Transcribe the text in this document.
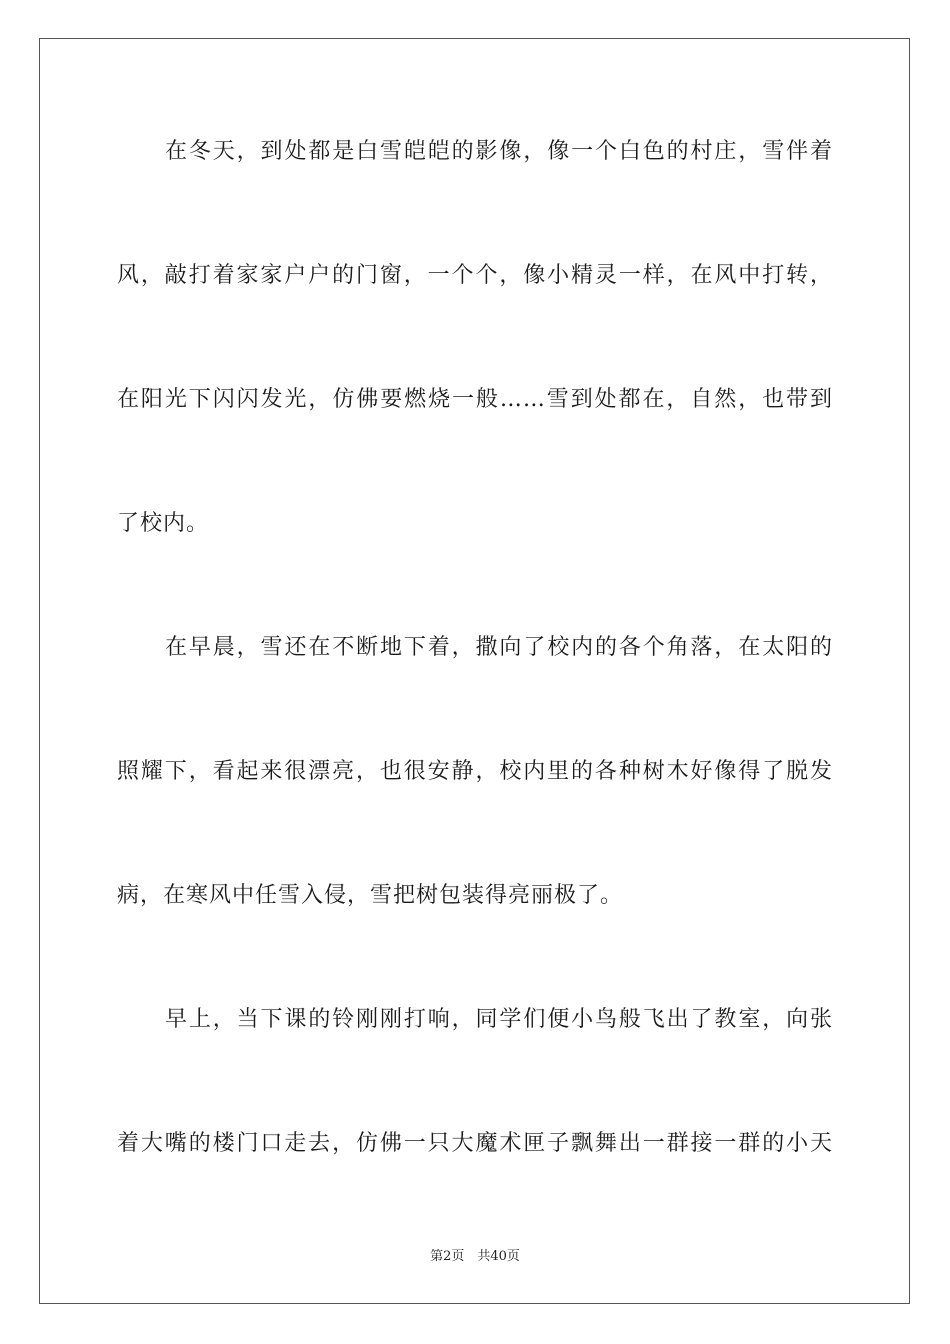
在冬天，到处都是白雪皑皑的影像，像一个白色的村庄，雪伴着
风，敲打着家家户户的门窗，一个个，像小精灵一样，在风中打转，
在阳光下闪闪发光，仿佛要燃烧一般……雪到处都在，自然，也带到
了校内。
在早晨，雪还在不断地下着，撒向了校内的各个角落，在太阳的
照耀下，看起来很漂亮，也很安静，校内里的各种树木好像得了脱发
病，在寒风中任雪入侵，雪把树包装得亮丽极了。
早上，当下课的铃刚刚打响，同学们便小鸟般飞出了教室，向张
着大嘴的楼门口走去，仿佛一只大魔术匣子飘舞出一群接一群的小天
第2页　共40页
